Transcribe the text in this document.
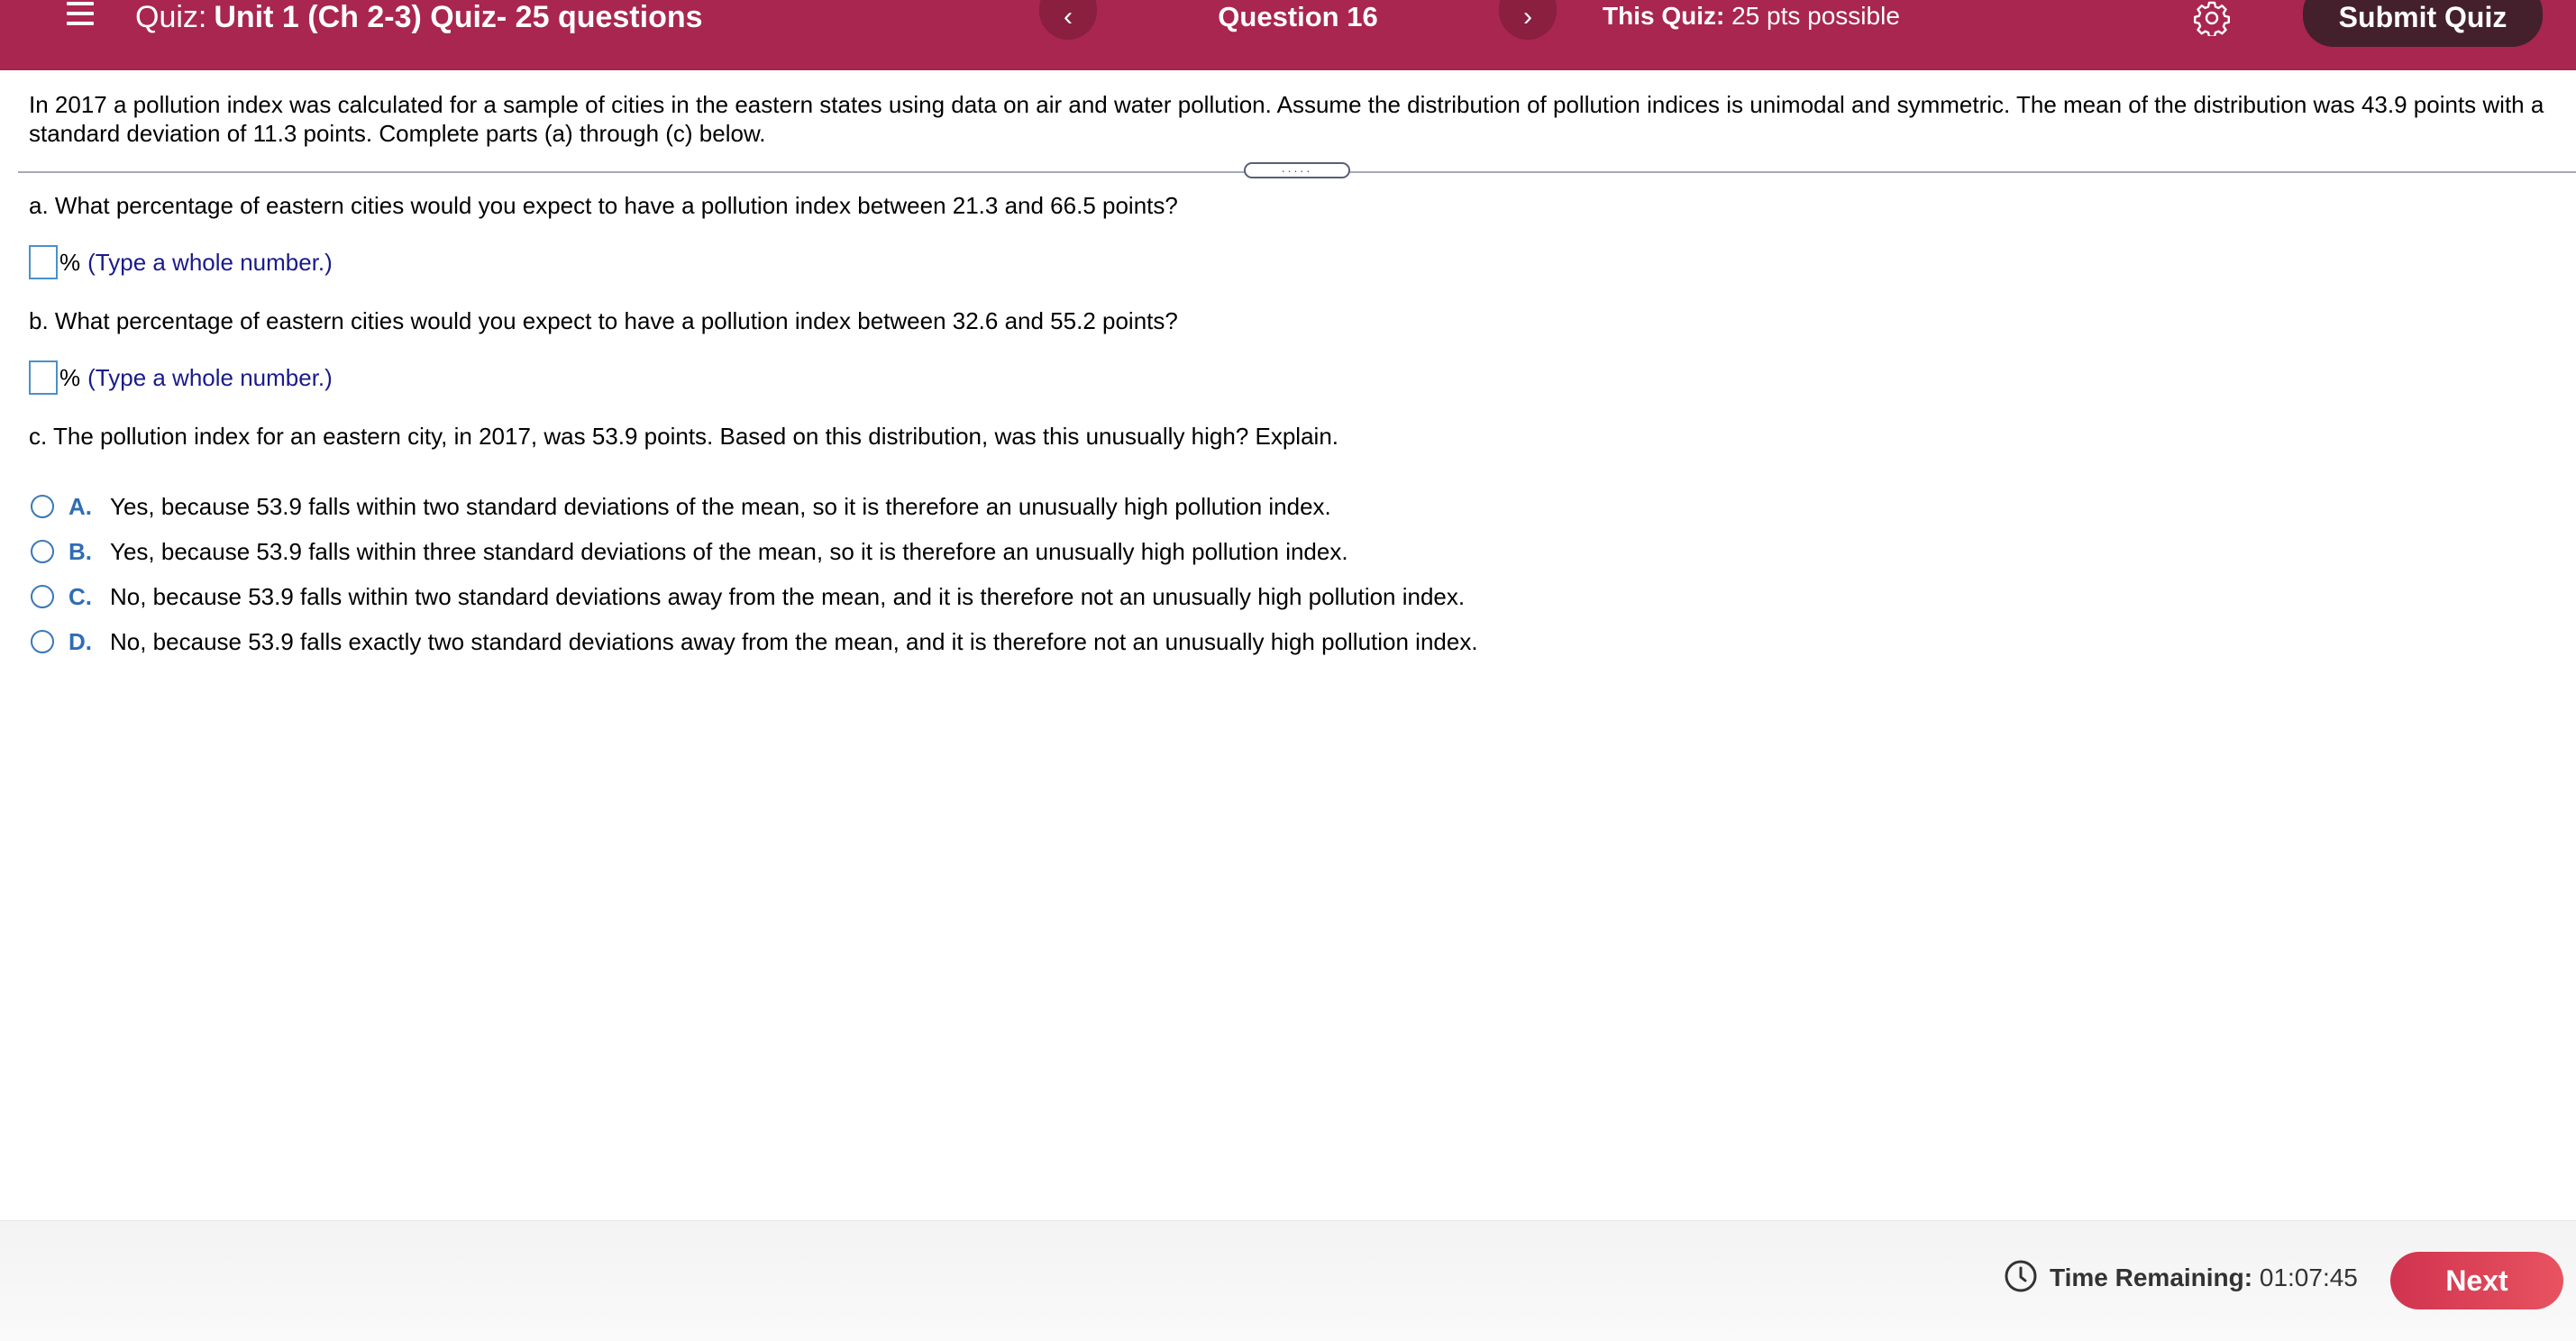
Quiz: Unit 1 (Ch 2-3) Quiz- 25 questions	‹	Question 16	›	This Quiz: 25 pts possible	Submit Quiz
In 2017 a pollution index was calculated for a sample of cities in the eastern states using data on air and water pollution. Assume the distribution of pollution indices is unimodal and symmetric. The mean of the distribution was 43.9 points with a standard deviation of 11.3 points. Complete parts (a) through (c) below.
.....
a. What percentage of eastern cities would you expect to have a pollution index between 21.3 and 66.5 points?
% (Type a whole number.)
b. What percentage of eastern cities would you expect to have a pollution index between 32.6 and 55.2 points?
% (Type a whole number.)
c. The pollution index for an eastern city, in 2017, was 53.9 points. Based on this distribution, was this unusually high? Explain.
A. Yes, because 53.9 falls within two standard deviations of the mean, so it is therefore an unusually high pollution index.
B. Yes, because 53.9 falls within three standard deviations of the mean, so it is therefore an unusually high pollution index.
C. No, because 53.9 falls within two standard deviations away from the mean, and it is therefore not an unusually high pollution index.
D. No, because 53.9 falls exactly two standard deviations away from the mean, and it is therefore not an unusually high pollution index.
Time Remaining: 01:07:45	Next
